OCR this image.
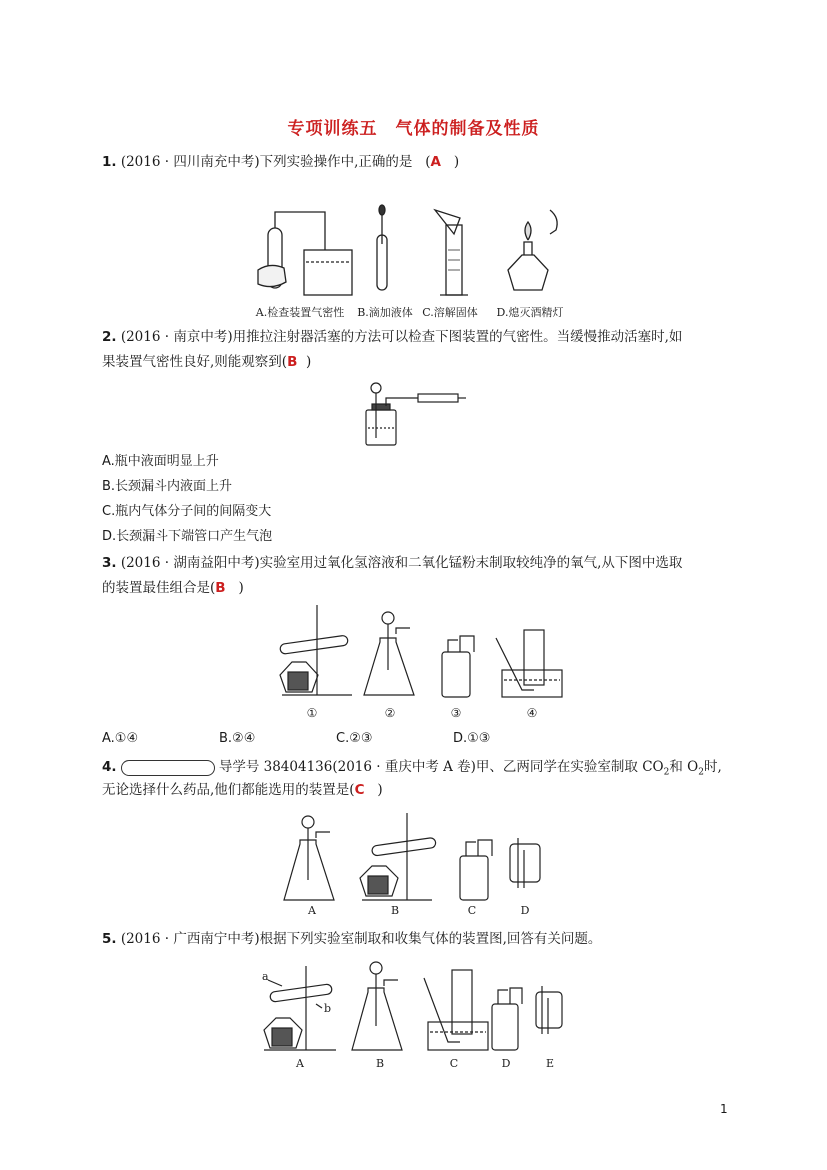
专项训练五 气体的制备及性质
1. (2016 · 四川南充中考)下列实验操作中,正确的是 (A )
A.检查装置气密性 B.滴加液体 C.溶解固体 D.熄灭酒精灯
2. (2016 · 南京中考)用推拉注射器活塞的方法可以检查下图装置的气密性。当缓慢推动活塞时,如
果装置气密性良好,则能观察到(B )
A.瓶中液面明显上升
B.长颈漏斗内液面上升
C.瓶内气体分子间的间隔变大
D.长颈漏斗下端管口产生气泡
3. (2016 · 湖南益阳中考)实验室用过氧化氢溶液和二氧化锰粉末制取较纯净的氧气,从下图中选取
的装置最佳组合是(B )
①	②	③	④
A.①④	B.②④	C.②③	D.①③
4.	导学号 38404136(2016 · 重庆中考 A 卷)甲、乙两同学在实验室制取 $CO_2$和 $O_2$时,
无论选择什么药品,他们都能选用的装置是(C )
A	B	C	D
5. (2016 · 广西南宁中考)根据下列实验室制取和收集气体的装置图,回答有关问题。
a
b
A	B	C	D	E
1
